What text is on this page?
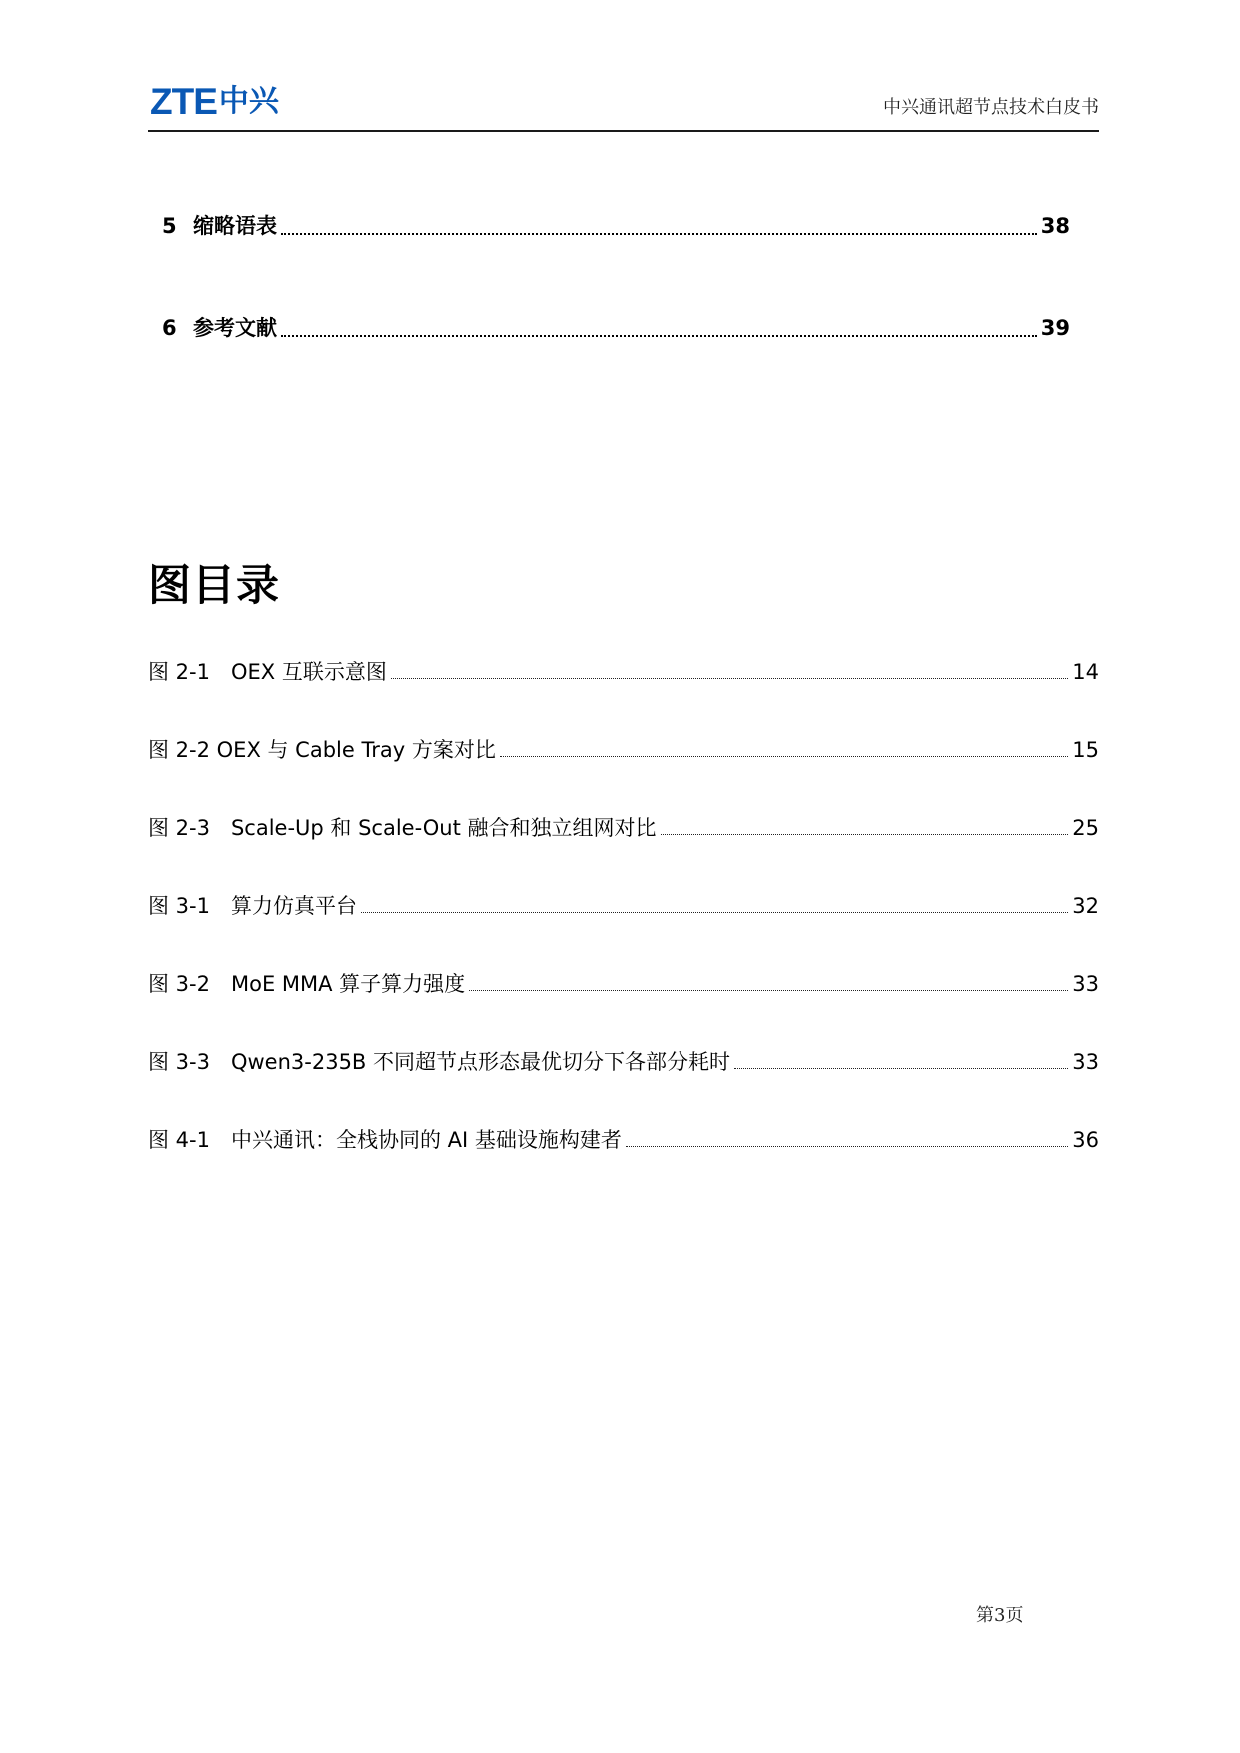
ZTE 中兴	中兴通讯超节点技术白皮书
5 缩略语表	38
6 参考文献	39
图目录
图 2-1　OEX 互联示意图	14
图 2-2 OEX 与 Cable Tray 方案对比	15
图 2-3　Scale-Up 和 Scale-Out 融合和独立组网对比	25
图 3-1　算力仿真平台	32
图 3-2　MoE MMA 算子算力强度	33
图 3-3　Qwen3-235B 不同超节点形态最优切分下各部分耗时	33
图 4-1　中兴通讯：全栈协同的 AI 基础设施构建者	36
第3页
